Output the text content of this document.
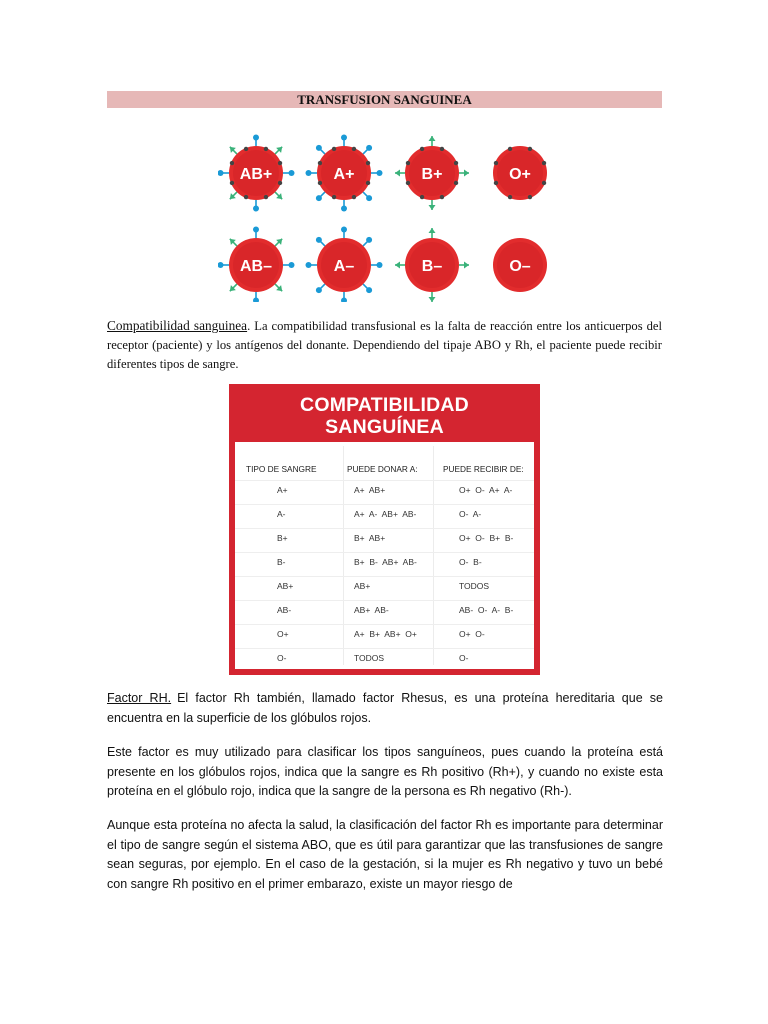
TRANSFUSION SANGUINEA
AB+	A+	B+	O+
AB–	A–	B–	O–

Compatibilidad sanguinea. La compatibilidad transfusional es la falta de reacción entre los anticuerpos del receptor (paciente) y los antígenos del donante. Dependiendo del tipaje ABO y Rh, el paciente puede recibir diferentes tipos de sangre.

COMPATIBILIDAD
SANGUÍNEA
TIPO DE SANGRE	PUEDE DONAR A:	PUEDE RECIBIR DE:
A+	A+  AB+	O+  O-  A+  A-
A-	A+  A-  AB+  AB-	O-  A-
B+	B+  AB+	O+  O-  B+  B-
B-	B+  B-  AB+  AB-	O-  B-
AB+	AB+	TODOS
AB-	AB+  AB-	AB-  O-  A-  B-
O+	A+  B+  AB+  O+	O+  O-
O-	TODOS	O-

Factor RH. El factor Rh también, llamado factor Rhesus, es una proteína hereditaria que se encuentra en la superficie de los glóbulos rojos.

Este factor es muy utilizado para clasificar los tipos sanguíneos, pues cuando la proteína está presente en los glóbulos rojos, indica que la sangre es Rh positivo (Rh+), y cuando no existe esta proteína en el glóbulo rojo, indica que la sangre de la persona es Rh negativo (Rh-).

Aunque esta proteína no afecta la salud, la clasificación del factor Rh es importante para determinar el tipo de sangre según el sistema ABO, que es útil para garantizar que las transfusiones de sangre sean seguras, por ejemplo. En el caso de la gestación, si la mujer es Rh negativo y tuvo un bebé con sangre Rh positivo en el primer embarazo, existe un mayor riesgo de
